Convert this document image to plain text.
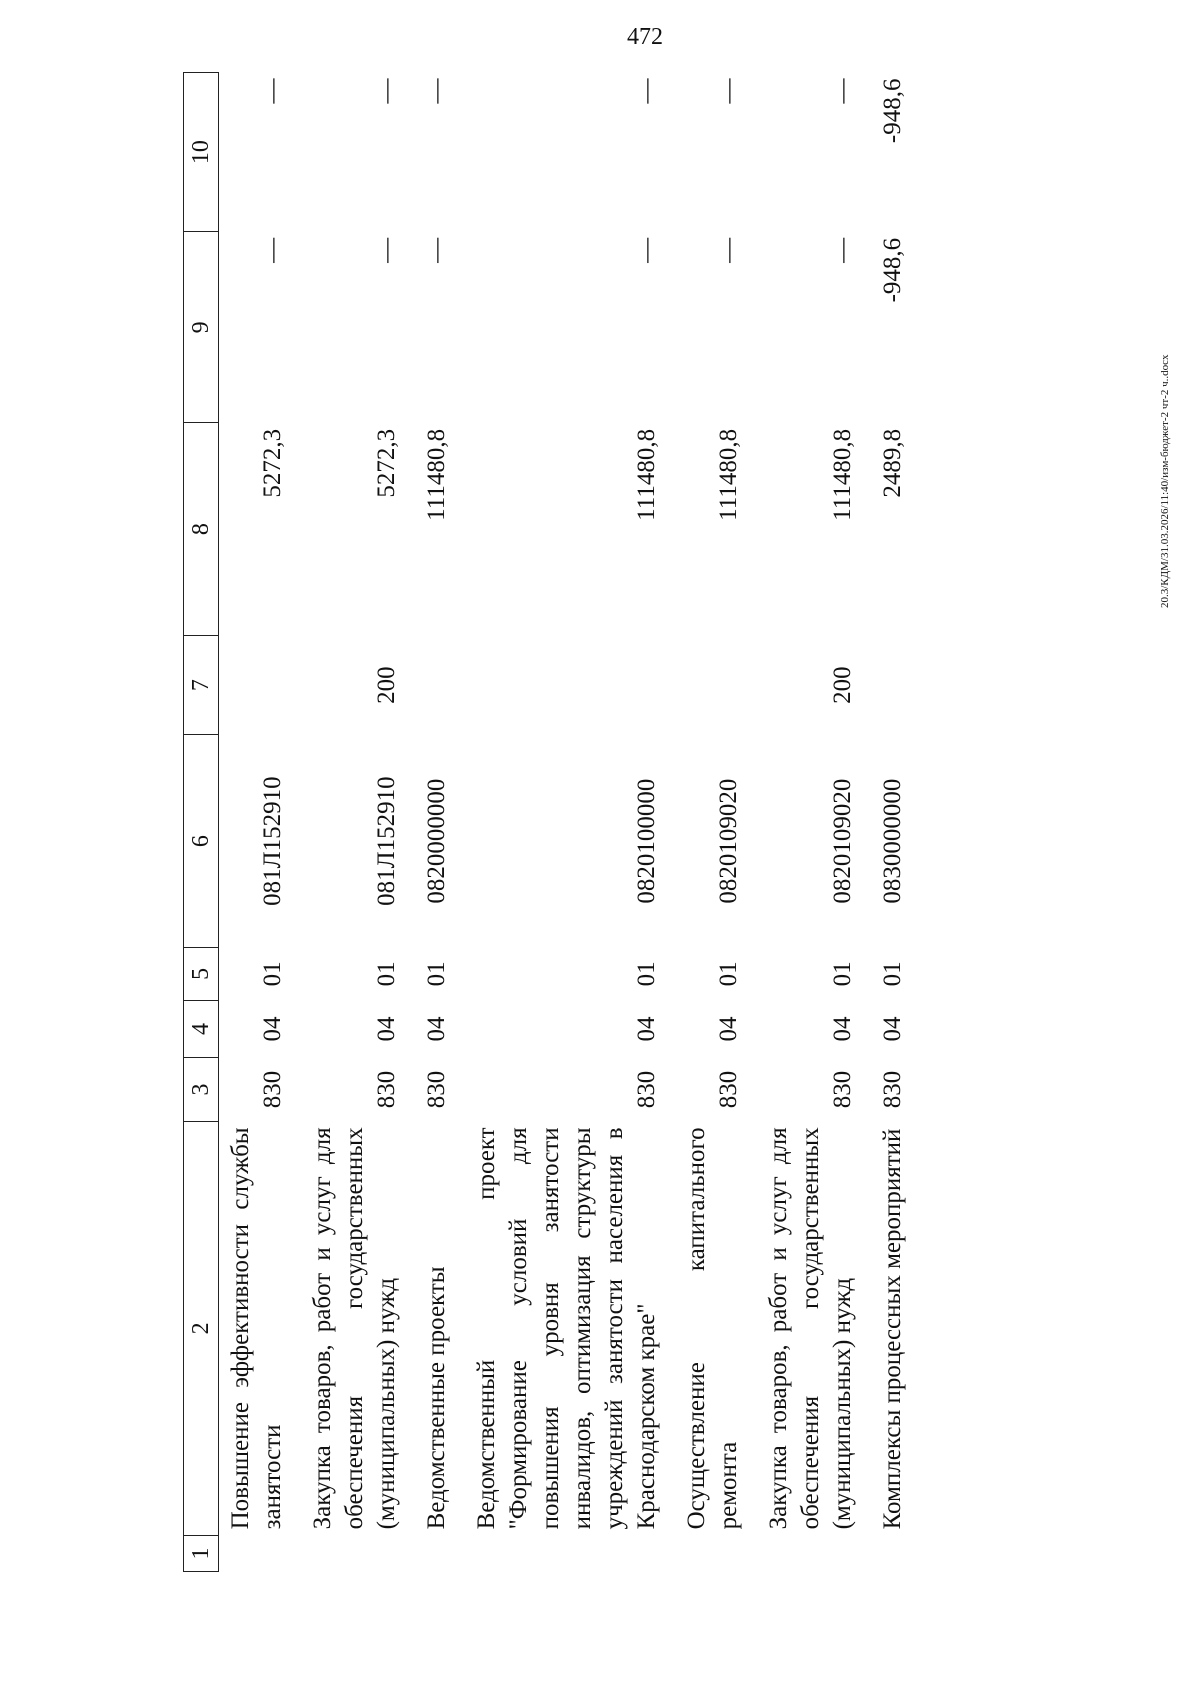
472
20.3/КДМ/31.03.2026/11:40/изм-бюджет-2 чт-2 ч..docx
1	2	3	4	5	6	7	8	9	10
	Повышение эффективности службы занятости	830	04	01	081Л152910		5272,3	—	—
	Закупка товаров, работ и услуг для обеспечения государственных (муниципальных) нужд	830	04	01	081Л152910	200	5272,3	—	—
	Ведомственные проекты	830	04	01	0820000000		111480,8	—	—
	Ведомственный проект "Формирование условий для повышения уровня занятости инвалидов, оптимизация структуры учреждений занятости населения в Краснодарском крае"	830	04	01	0820100000		111480,8	—	—
	Осуществление капитального ремонта	830	04	01	0820109020		111480,8	—	—
	Закупка товаров, работ и услуг для обеспечения государственных (муниципальных) нужд	830	04	01	0820109020	200	111480,8	—	—
	Комплексы процессных мероприятий	830	04	01	0830000000		2489,8	-948,6	-948,6
